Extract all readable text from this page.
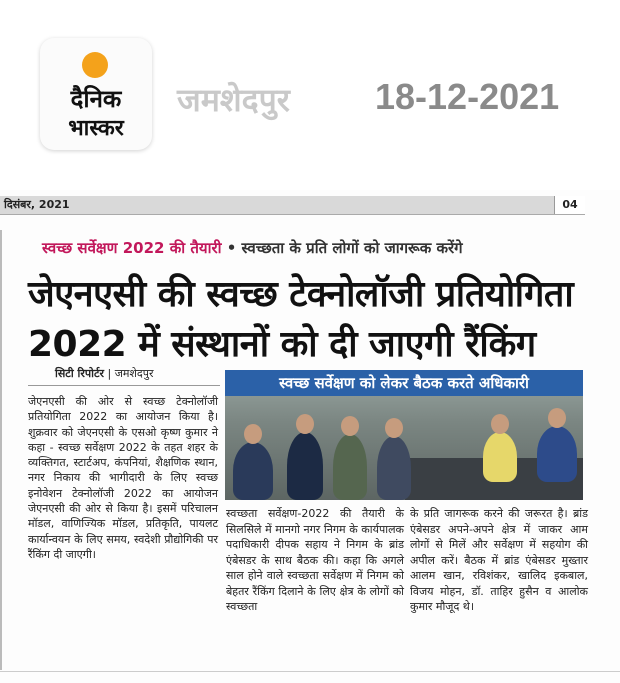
दैनिक
भास्कर
जमशेदपुर 18-12-2021
दिसंबर, 2021	04
स्वच्छ सर्वेक्षण 2022 की तैयारी • स्वच्छता के प्रति लोगों को जागरूक करेंगे
जेएनएसी की स्वच्छ टेक्नोलॉजी प्रतियोगिता 2022 में संस्थानों को दी जाएगी रैंकिंग
सिटी रिपोर्टर | जमशेदपुर
जेएनएसी की ओर से स्वच्छ टेक्नोलॉजी प्रतियोगिता 2022 का आयोजन किया है। शुक्रवार को जेएनएसी के एसओ कृष्ण कुमार ने कहा - स्वच्छ सर्वेक्षण 2022 के तहत शहर के व्यक्तिगत, स्टार्टअप, कंपनियां, शैक्षणिक स्थान, नगर निकाय की भागीदारी के लिए स्वच्छ इनोवेशन टेक्नोलॉजी 2022 का आयोजन जेएनएसी की ओर से किया है। इसमें परिचालन मॉडल, वाणिज्यिक मॉडल, प्रतिकृति, पायलट कार्यान्वयन के लिए समय, स्वदेशी प्रौद्योगिकी पर रैंकिंग दी जाएगी।
स्वच्छ सर्वेक्षण को लेकर बैठक करते अधिकारी
स्वच्छता सर्वेक्षण-2022 की तैयारी के सिलसिले में मानगो नगर निगम के कार्यपालक पदाधिकारी दीपक सहाय ने निगम के ब्रांड एंबेसडर के साथ बैठक की। कहा कि अगले साल होने वाले स्वच्छता सर्वेक्षण में निगम को बेहतर रैंकिंग दिलाने के लिए क्षेत्र के लोगों को स्वच्छता
के प्रति जागरूक करने की जरूरत है। ब्रांड एंबेसडर अपने-अपने क्षेत्र में जाकर आम लोगों से मिलें और सर्वेक्षण में सहयोग की अपील करें। बैठक में ब्रांड एंबेसडर मुख्तार आलम खान, रविशंकर, खालिद इकबाल, विजय मोहन, डॉ. ताहिर हुसैन व आलोक कुमार मौजूद थे।
